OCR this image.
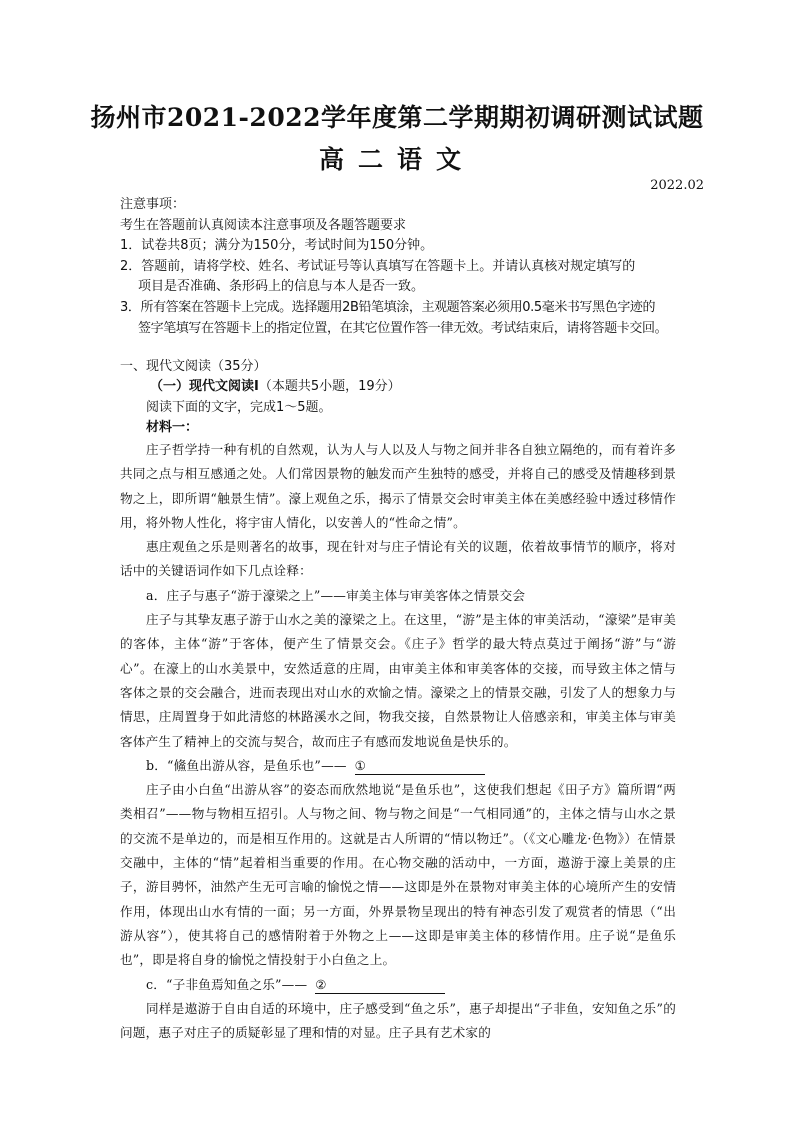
扬州市2021-2022学年度第二学期期初调研测试试题
高二语文
2022.02
注意事项：
考生在答题前认真阅读本注意事项及各题答题要求
1．试卷共8页；满分为150分，考试时间为150分钟。
2．答题前，请将学校、姓名、考试证号等认真填写在答题卡上。并请认真核对规定填写的
项目是否准确、条形码上的信息与本人是否一致。
3．所有答案在答题卡上完成。选择题用2B铅笔填涂，主观题答案必须用0.5毫米书写黑色字迹的
签字笔填写在答题卡上的指定位置，在其它位置作答一律无效。考试结束后，请将答题卡交回。
一、现代文阅读（35分）
（一）现代文阅读Ⅰ（本题共5小题，19分）
阅读下面的文字，完成1～5题。
材料一：

庄子哲学持一种有机的自然观，认为人与人以及人与物之间并非各自独立隔绝的，而有着许多共同之点与相互感通之处。人们常因景物的触发而产生独特的感受，并将自己的感受及情趣移到景物之上，即所谓“触景生情”。濠上观鱼之乐，揭示了情景交会时审美主体在美感经验中透过移情作用，将外物人性化，将宇宙人情化，以安善人的“性命之情”。

惠庄观鱼之乐是则著名的故事，现在针对与庄子情论有关的议题，依着故事情节的顺序，将对话中的关键语词作如下几点诠释：

a．庄子与惠子“游于濠梁之上”——审美主体与审美客体之情景交会

庄子与其挚友惠子游于山水之美的濠梁之上。在这里，“游”是主体的审美活动，“濠梁”是审美的客体，主体“游”于客体，便产生了情景交会。《庄子》哲学的最大特点莫过于阐扬“游”与“游心”。在濠上的山水美景中，安然适意的庄周，由审美主体和审美客体的交接，而导致主体之情与客体之景的交会融合，进而表现出对山水的欢愉之情。濠梁之上的情景交融，引发了人的想象力与情思，庄周置身于如此清悠的林路溪水之间，物我交接，自然景物让人倍感亲和，审美主体与审美客体产生了精神上的交流与契合，故而庄子有感而发地说鱼是快乐的。

b．“鯈鱼出游从容，是鱼乐也”—— ①

庄子由小白鱼“出游从容”的姿态而欣然地说“是鱼乐也”，这使我们想起《田子方》篇所谓“两类相召”——物与物相互招引。人与物之间、物与物之间是“一气相同通”的，主体之情与山水之景的交流不是单边的，而是相互作用的。这就是古人所谓的“情以物迁”。（《文心雕龙·色物》）在情景交融中，主体的“情”起着相当重要的作用。在心物交融的活动中，一方面，遨游于濠上美景的庄子，游目骋怀，油然产生无可言喻的愉悦之情——这即是外在景物对审美主体的心境所产生的安情作用，体现出山水有情的一面；另一方面，外界景物呈现出的特有神态引发了观赏者的情思（“出游从容”），使其将自己的感情附着于外物之上——这即是审美主体的移情作用。庄子说“是鱼乐也”，即是将自身的愉悦之情投射于小白鱼之上。

c．“子非鱼焉知鱼之乐”—— ②

同样是遨游于自由自适的环境中，庄子感受到“鱼之乐”，惠子却提出“子非鱼，安知鱼之乐”的问题，惠子对庄子的质疑彰显了理和情的对显。庄子具有艺术家的
